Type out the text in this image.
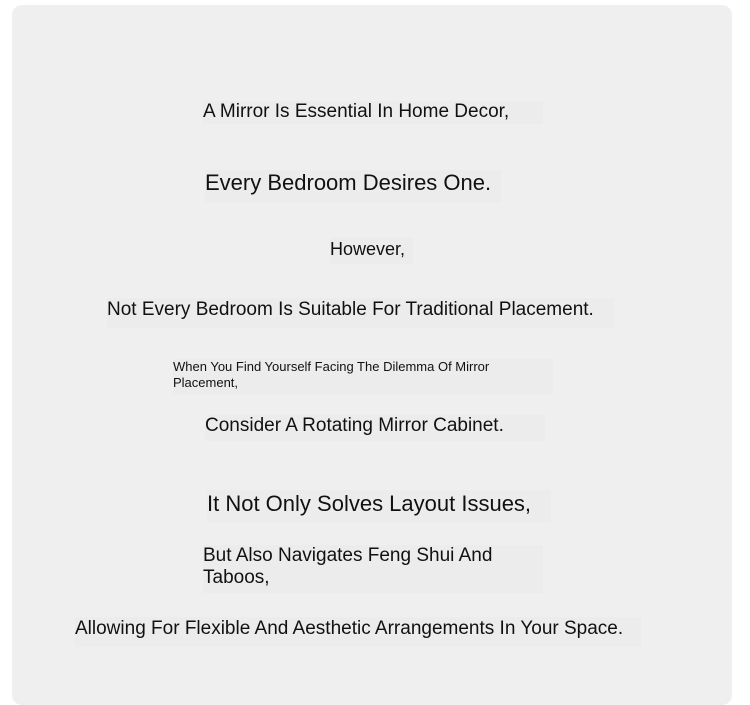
A Mirror Is Essential In Home Decor,

Every Bedroom Desires One.

However,

Not Every Bedroom Is Suitable For Traditional Placement.

When You Find Yourself Facing The Dilemma Of Mirror Placement,

Consider A Rotating Mirror Cabinet.

It Not Only Solves Layout Issues,

But Also Navigates Feng Shui And Taboos,

Allowing For Flexible And Aesthetic Arrangements In Your Space.
